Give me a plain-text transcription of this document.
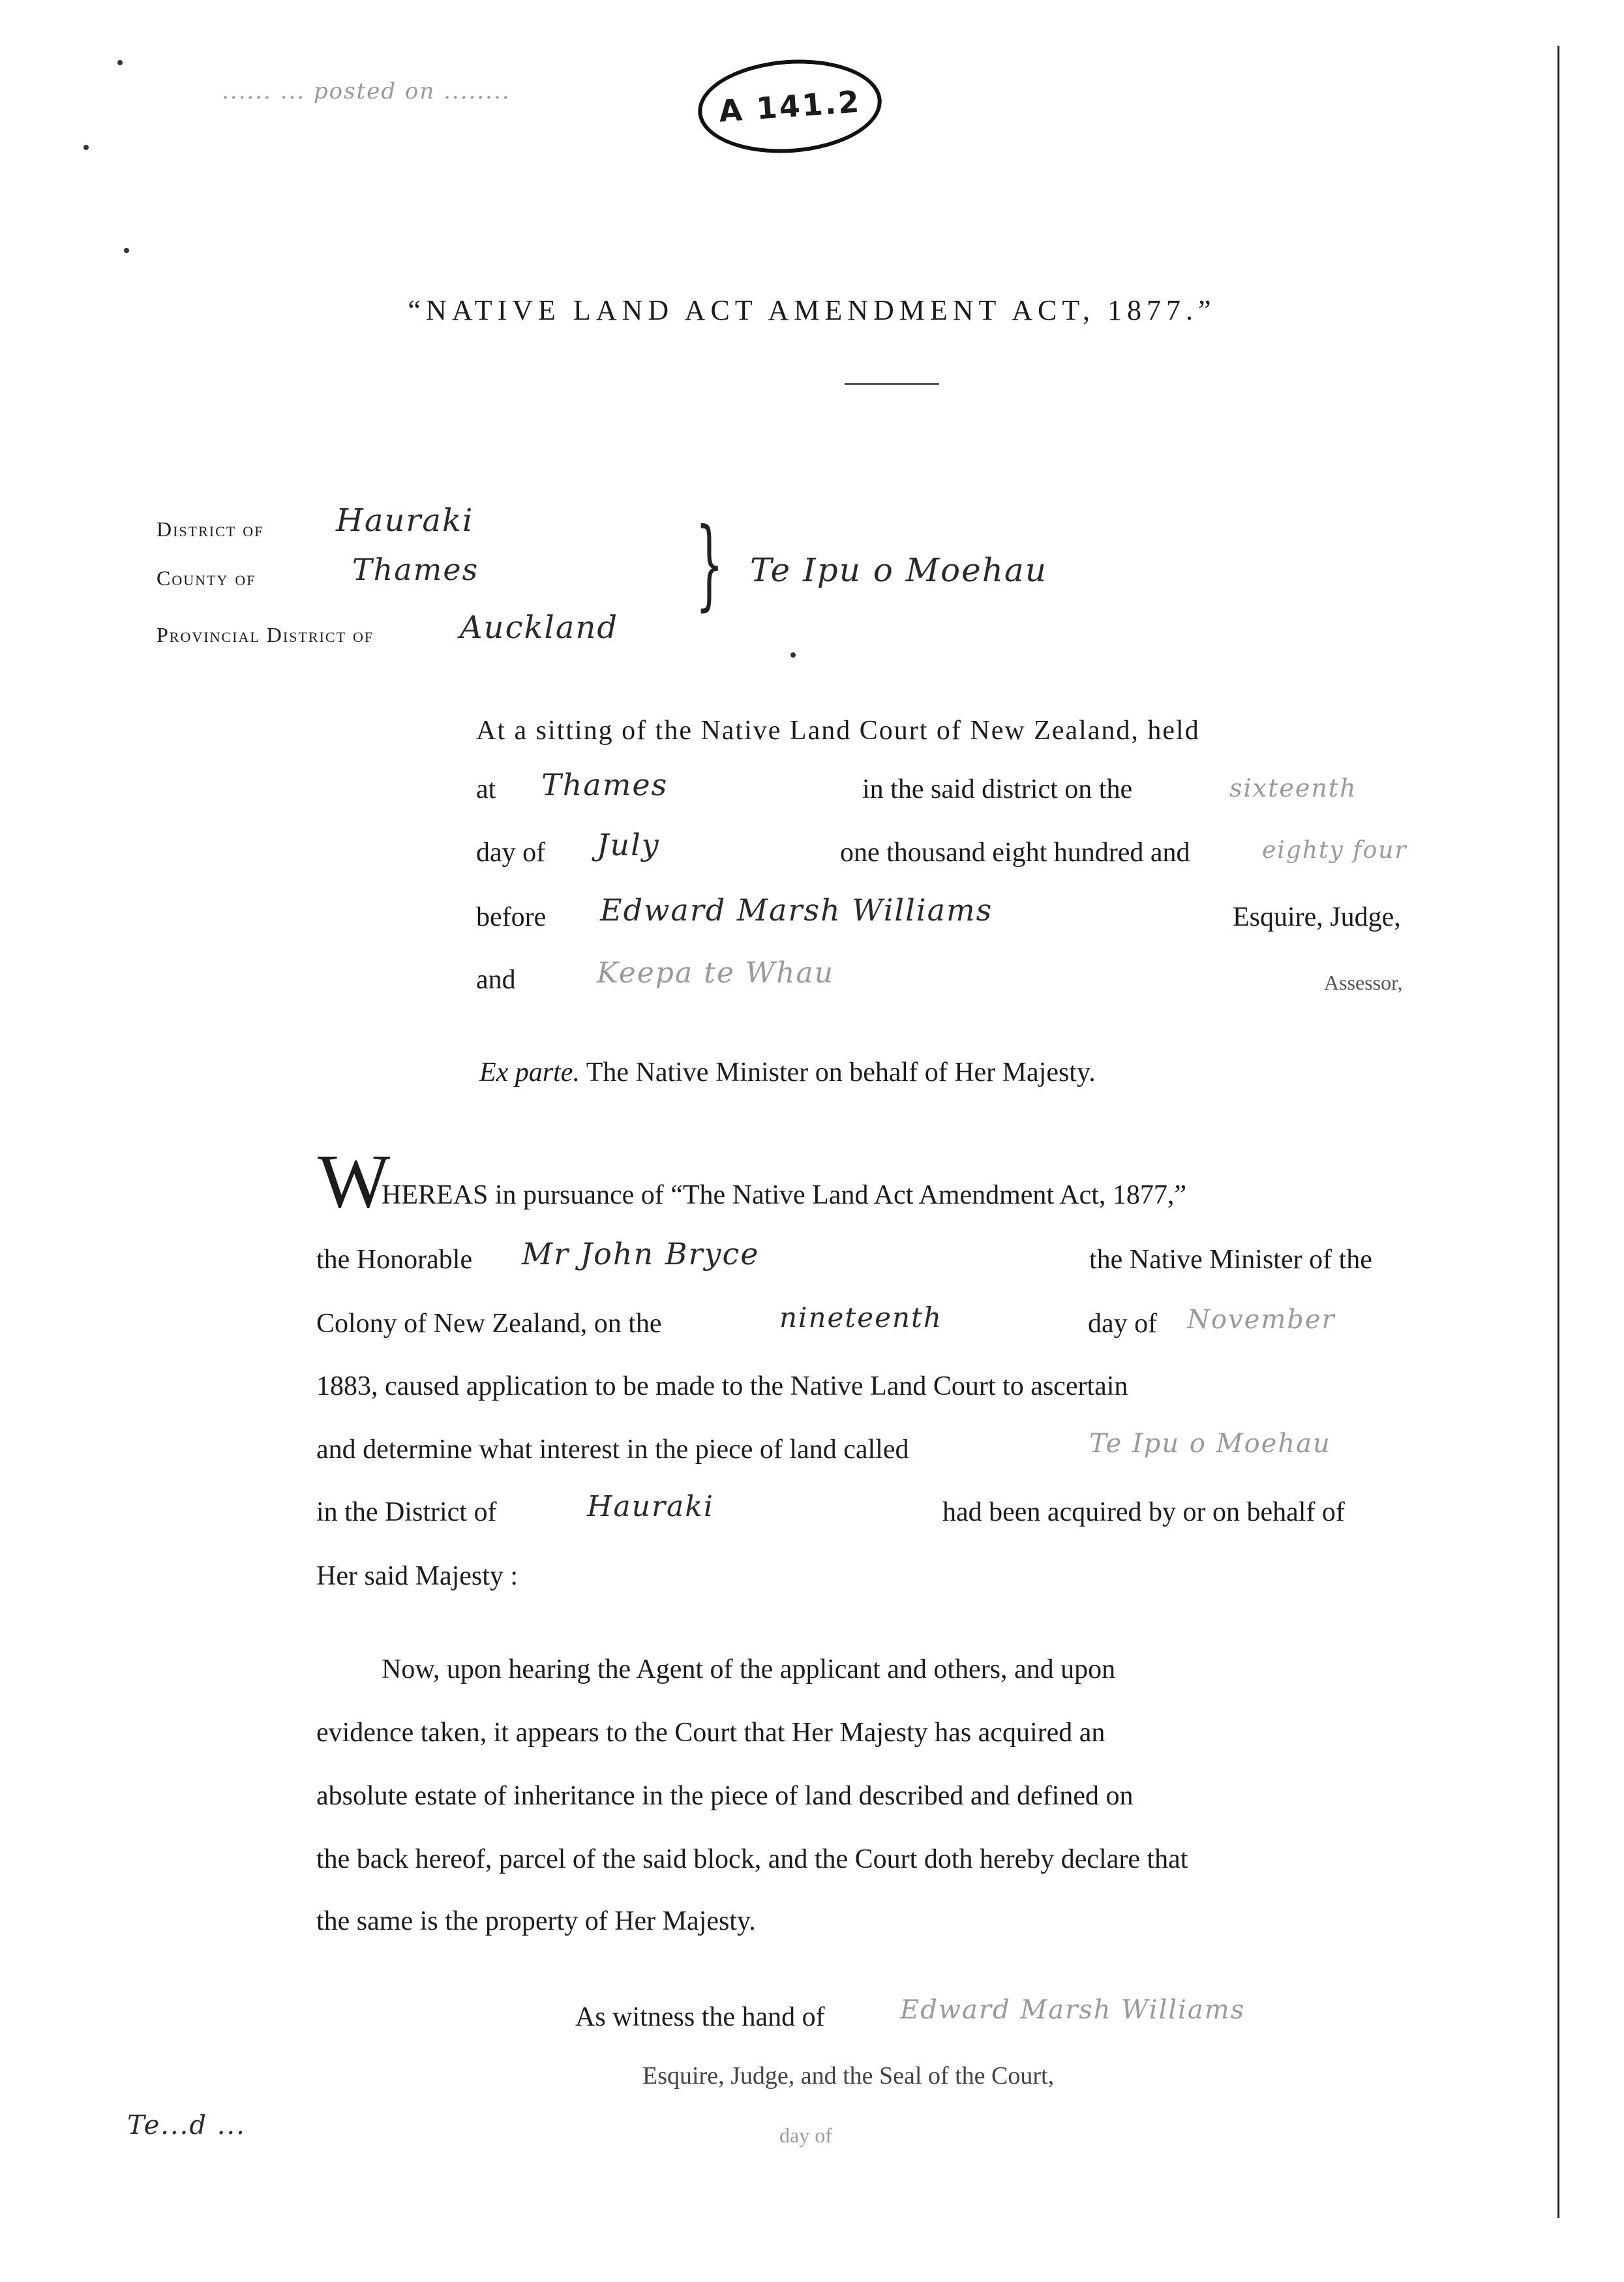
...... ... posted on ........	A 141.2
“NATIVE LAND ACT AMENDMENT ACT, 1877.”
District of Hauraki
County of	Thames
Provincial District of	Auckland
} Te Ipu o Moehau
At a sitting of the Native Land Court of New Zealand, held
at Thames	in the said district on the	sixteenth
day of July	one thousand eight hundred and	eighty four
before Edward Marsh Williams	Esquire, Judge,
and	Keepa te Whau	Assessor,
Ex parte. The Native Minister on behalf of Her Majesty.
W
HEREAS in pursuance of “The Native Land Act Amendment Act, 1877,”
the Honorable Mr John Bryce	the Native Minister of the
Colony of New Zealand, on the	nineteenth	day of November
1883, caused application to be made to the Native Land Court to ascertain
and determine what interest in the piece of land called	Te Ipu o Moehau
in the District of	Hauraki	had been acquired by or on behalf of
Her said Majesty :
Now, upon hearing the Agent of the applicant and others, and upon
evidence taken, it appears to the Court that Her Majesty has acquired an
absolute estate of inheritance in the piece of land described and defined on
the back hereof, parcel of the said block, and the Court doth hereby declare that
the same is the property of Her Majesty.
As witness the hand of	Edward Marsh Williams
Esquire, Judge, and the Seal of the Court,
day of
Te...d ...
